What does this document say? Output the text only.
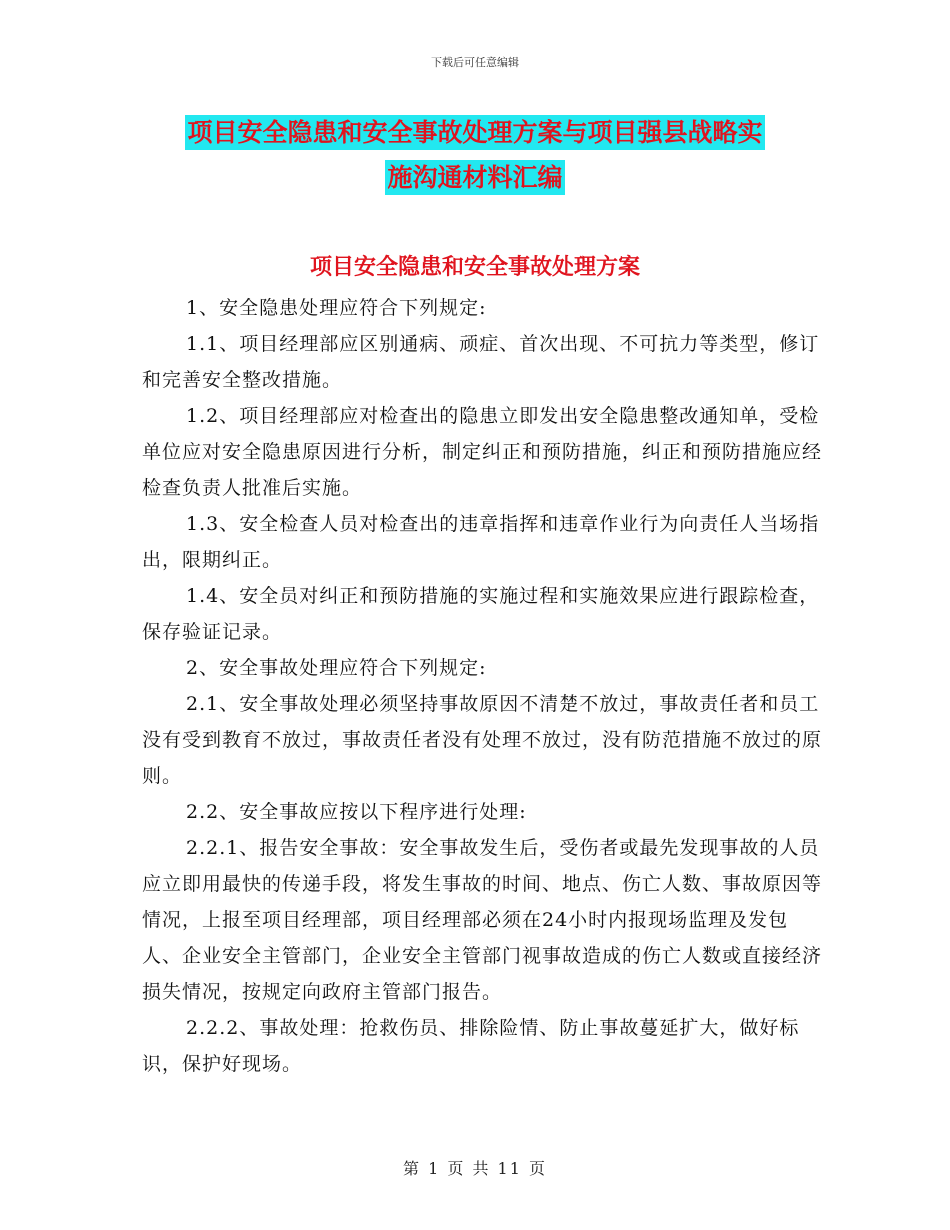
下载后可任意编辑
项目安全隐患和安全事故处理方案与项目强县战略实
施沟通材料汇编
项目安全隐患和安全事故处理方案

1、安全隐患处理应符合下列规定:

1.1、项目经理部应区别通病、顽症、首次出现、不可抗力等类型，修订和完善安全整改措施。

1.2、项目经理部应对检查出的隐患立即发出安全隐患整改通知单，受检单位应对安全隐患原因进行分析，制定纠正和预防措施，纠正和预防措施应经检查负责人批准后实施。

1.3、安全检查人员对检查出的违章指挥和违章作业行为向责任人当场指出，限期纠正。

1.4、安全员对纠正和预防措施的实施过程和实施效果应进行跟踪检查，保存验证记录。

2、安全事故处理应符合下列规定:

2.1、安全事故处理必须坚持事故原因不清楚不放过，事故责任者和员工没有受到教育不放过，事故责任者没有处理不放过，没有防范措施不放过的原则。

2.2、安全事故应按以下程序进行处理:

2.2.1、报告安全事故：安全事故发生后，受伤者或最先发现事故的人员应立即用最快的传递手段，将发生事故的时间、地点、伤亡人数、事故原因等情况，上报至项目经理部，项目经理部必须在24小时内报现场监理及发包人、企业安全主管部门，企业安全主管部门视事故造成的伤亡人数或直接经济损失情况，按规定向政府主管部门报告。

2.2.2、事故处理：抢救伤员、排除险情、防止事故蔓延扩大，做好标识，保护好现场。

第 1 页 共 11 页
